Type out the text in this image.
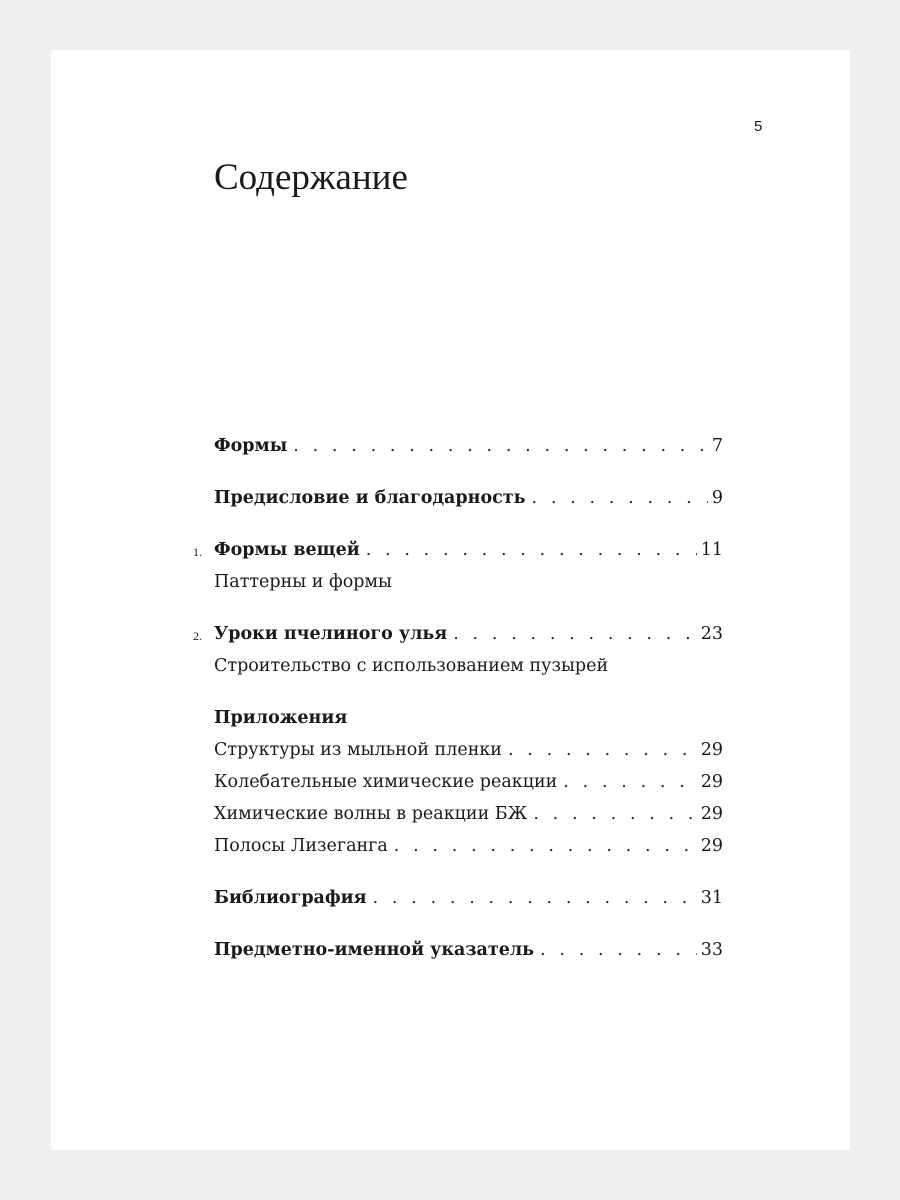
5
Содержание
Формы . . .	7
Предисловие и благодарность . . .	9
1. Формы вещей . . .	11
Паттерны и формы
2. Уроки пчелиного улья . . .	23
Строительство с использованием пузырей
Приложения
Структуры из мыльной пленки . . .	29
Колебательные химические реакции . . .	29
Химические волны в реакции БЖ . . .	29
Полосы Лизеганга . . .	29
Библиография . . .	31
Предметно-именной указатель . . .	33
